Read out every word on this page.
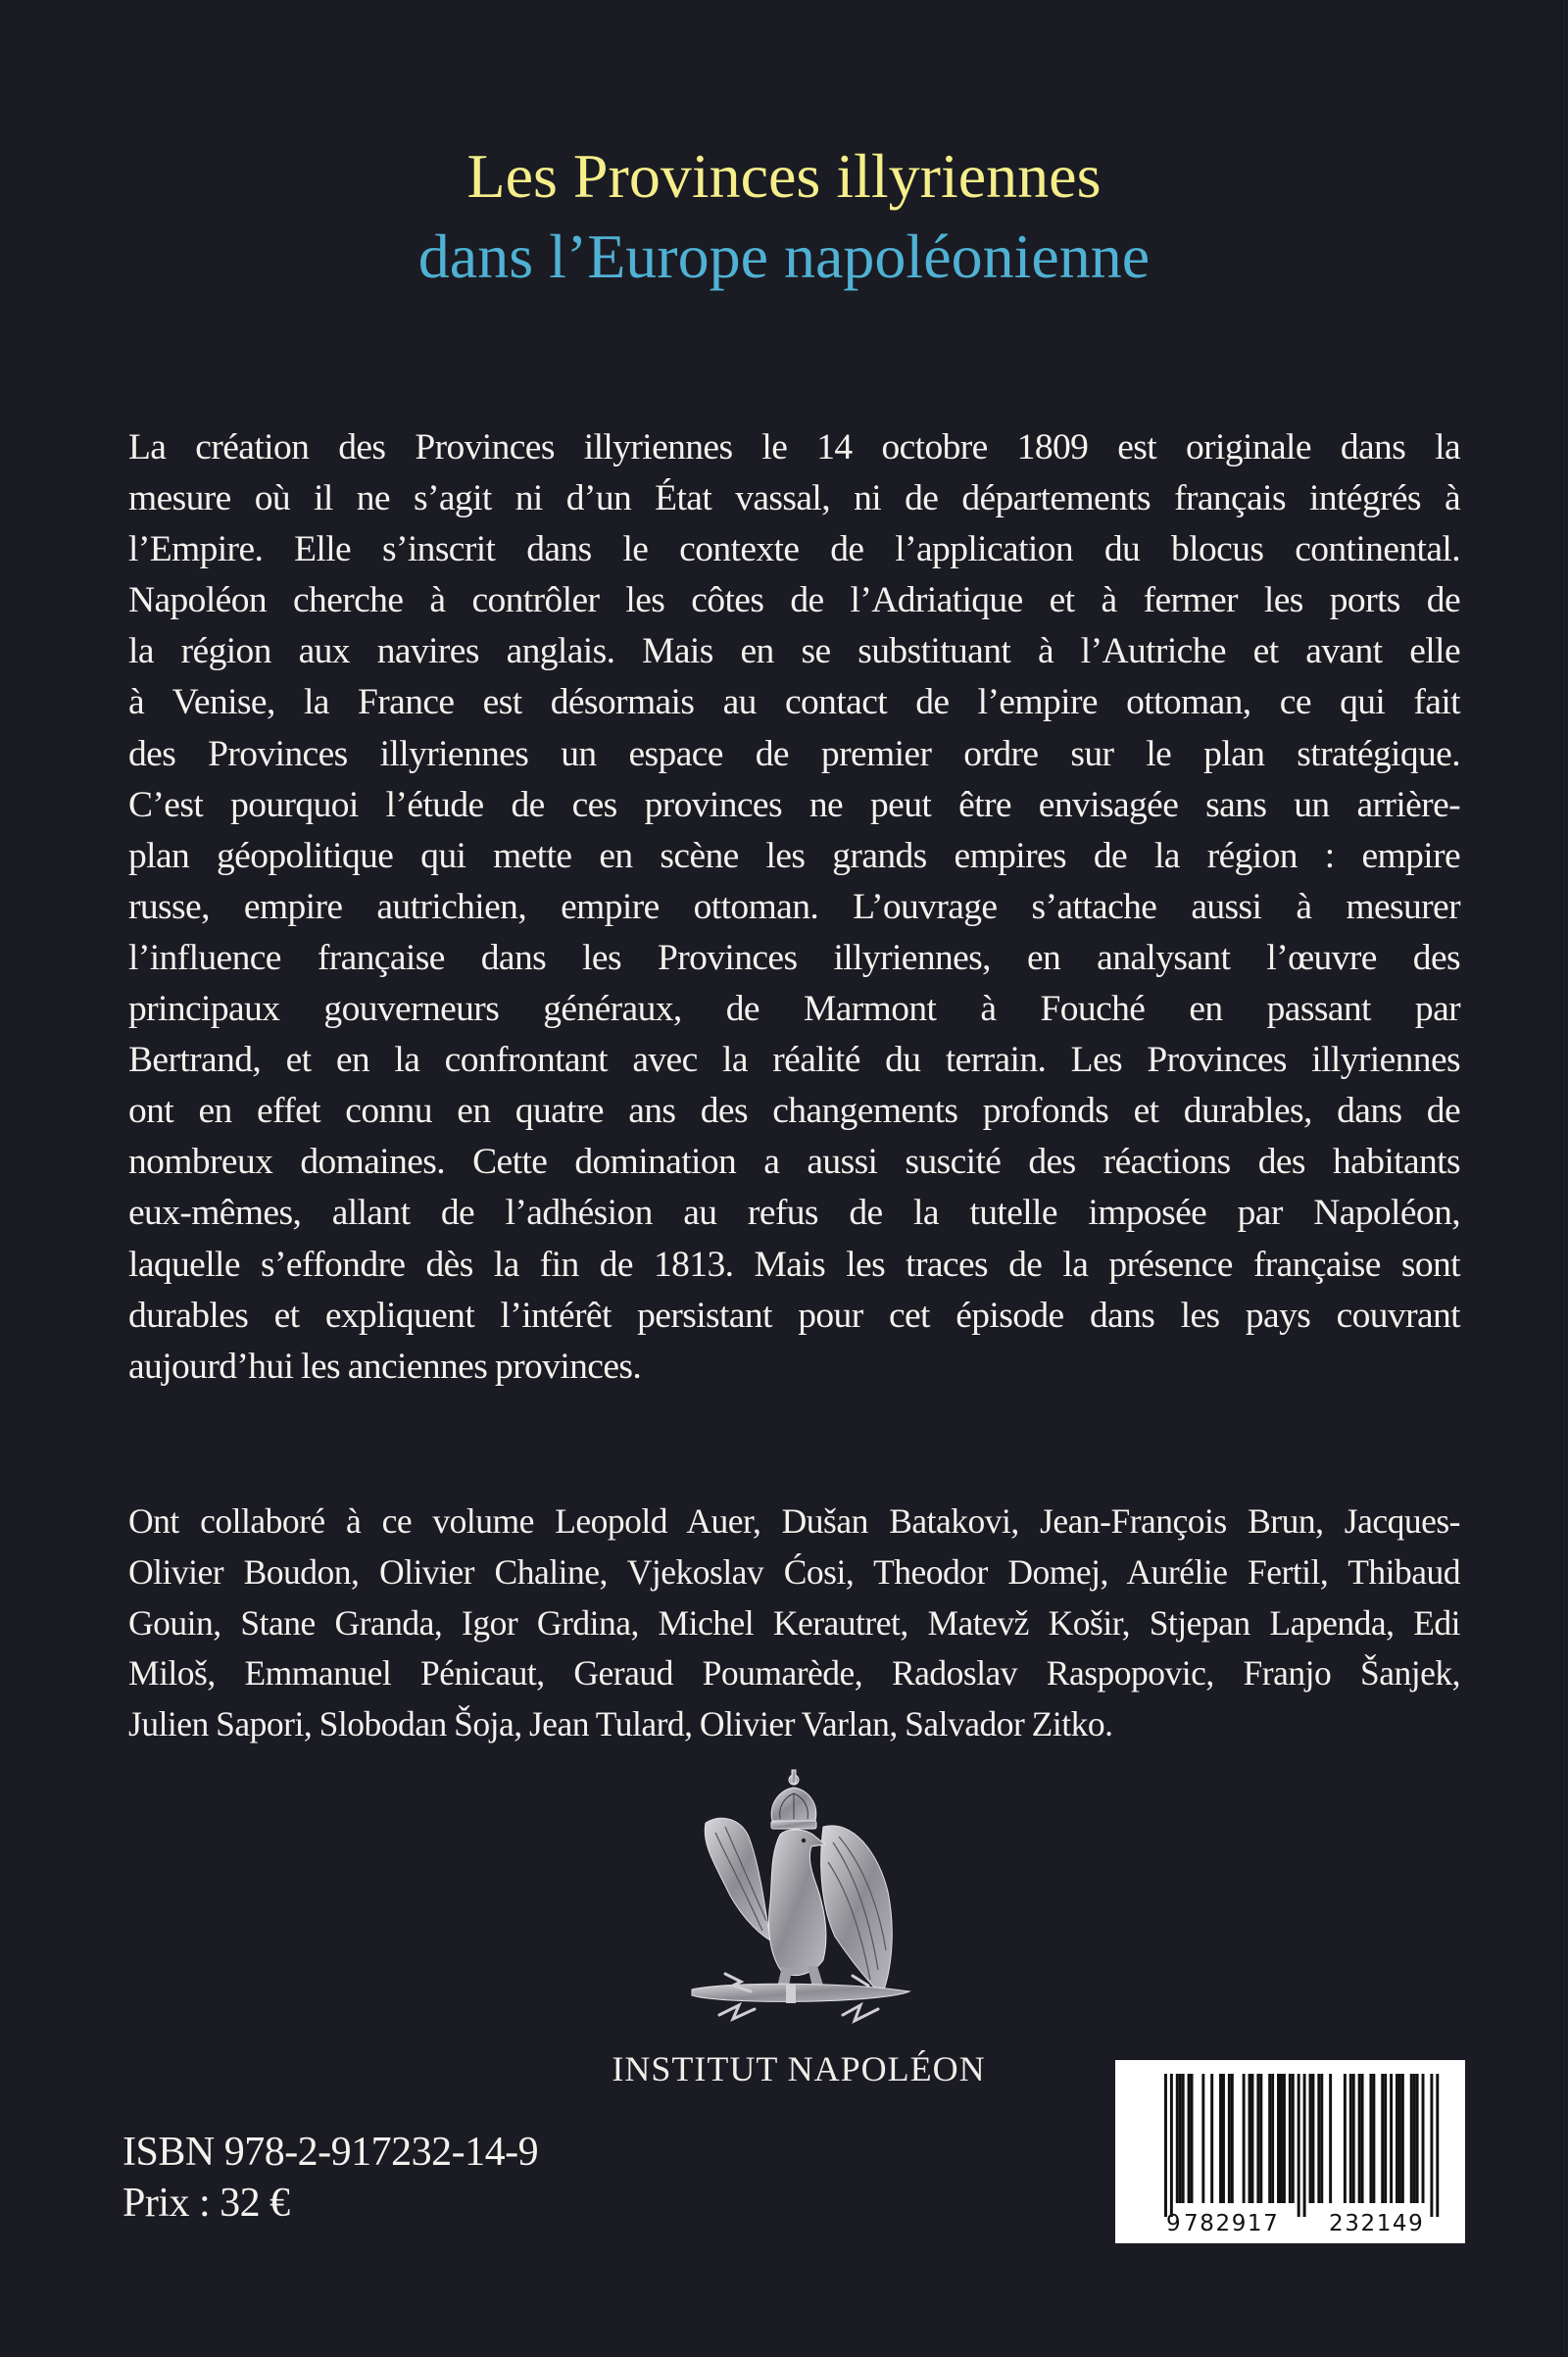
Les Provinces illyriennes
dans l’Europe napoléonienne
La création des Provinces illyriennes le 14 octobre 1809 est originale dans la
mesure où il ne s’agit ni d’un État vassal, ni de départements français intégrés à
l’Empire. Elle s’inscrit dans le contexte de l’application du blocus continental.
Napoléon cherche à contrôler les côtes de l’Adriatique et à fermer les ports de
la région aux navires anglais. Mais en se substituant à l’Autriche et avant elle
à Venise, la France est désormais au contact de l’empire ottoman, ce qui fait
des Provinces illyriennes un espace de premier ordre sur le plan stratégique.
C’est pourquoi l’étude de ces provinces ne peut être envisagée sans un arrière-
plan géopolitique qui mette en scène les grands empires de la région : empire
russe, empire autrichien, empire ottoman. L’ouvrage s’attache aussi à mesurer
l’influence française dans les Provinces illyriennes, en analysant l’œuvre des
principaux gouverneurs généraux, de Marmont à Fouché en passant par
Bertrand, et en la confrontant avec la réalité du terrain. Les Provinces illyriennes
ont en effet connu en quatre ans des changements profonds et durables, dans de
nombreux domaines. Cette domination a aussi suscité des réactions des habitants
eux-mêmes, allant de l’adhésion au refus de la tutelle imposée par Napoléon,
laquelle s’effondre dès la fin de 1813. Mais les traces de la présence française sont
durables et expliquent l’intérêt persistant pour cet épisode dans les pays couvrant
aujourd’hui les anciennes provinces.
Ont collaboré à ce volume Leopold Auer, Dušan Batakovi, Jean-François Brun, Jacques-
Olivier Boudon, Olivier Chaline, Vjekoslav Ćosi, Theodor Domej, Aurélie Fertil, Thibaud
Gouin, Stane Granda, Igor Grdina, Michel Kerautret, Matevž Košir, Stjepan Lapenda, Edi
Miloš, Emmanuel Pénicaut, Geraud Poumarède, Radoslav Raspopovic, Franjo Šanjek,
Julien Sapori, Slobodan Šoja, Jean Tulard, Olivier Varlan, Salvador Zitko.
INSTITUT NAPOLÉON
ISBN 978-2-917232-14-9
Prix : 32 €	9 782917 232149
